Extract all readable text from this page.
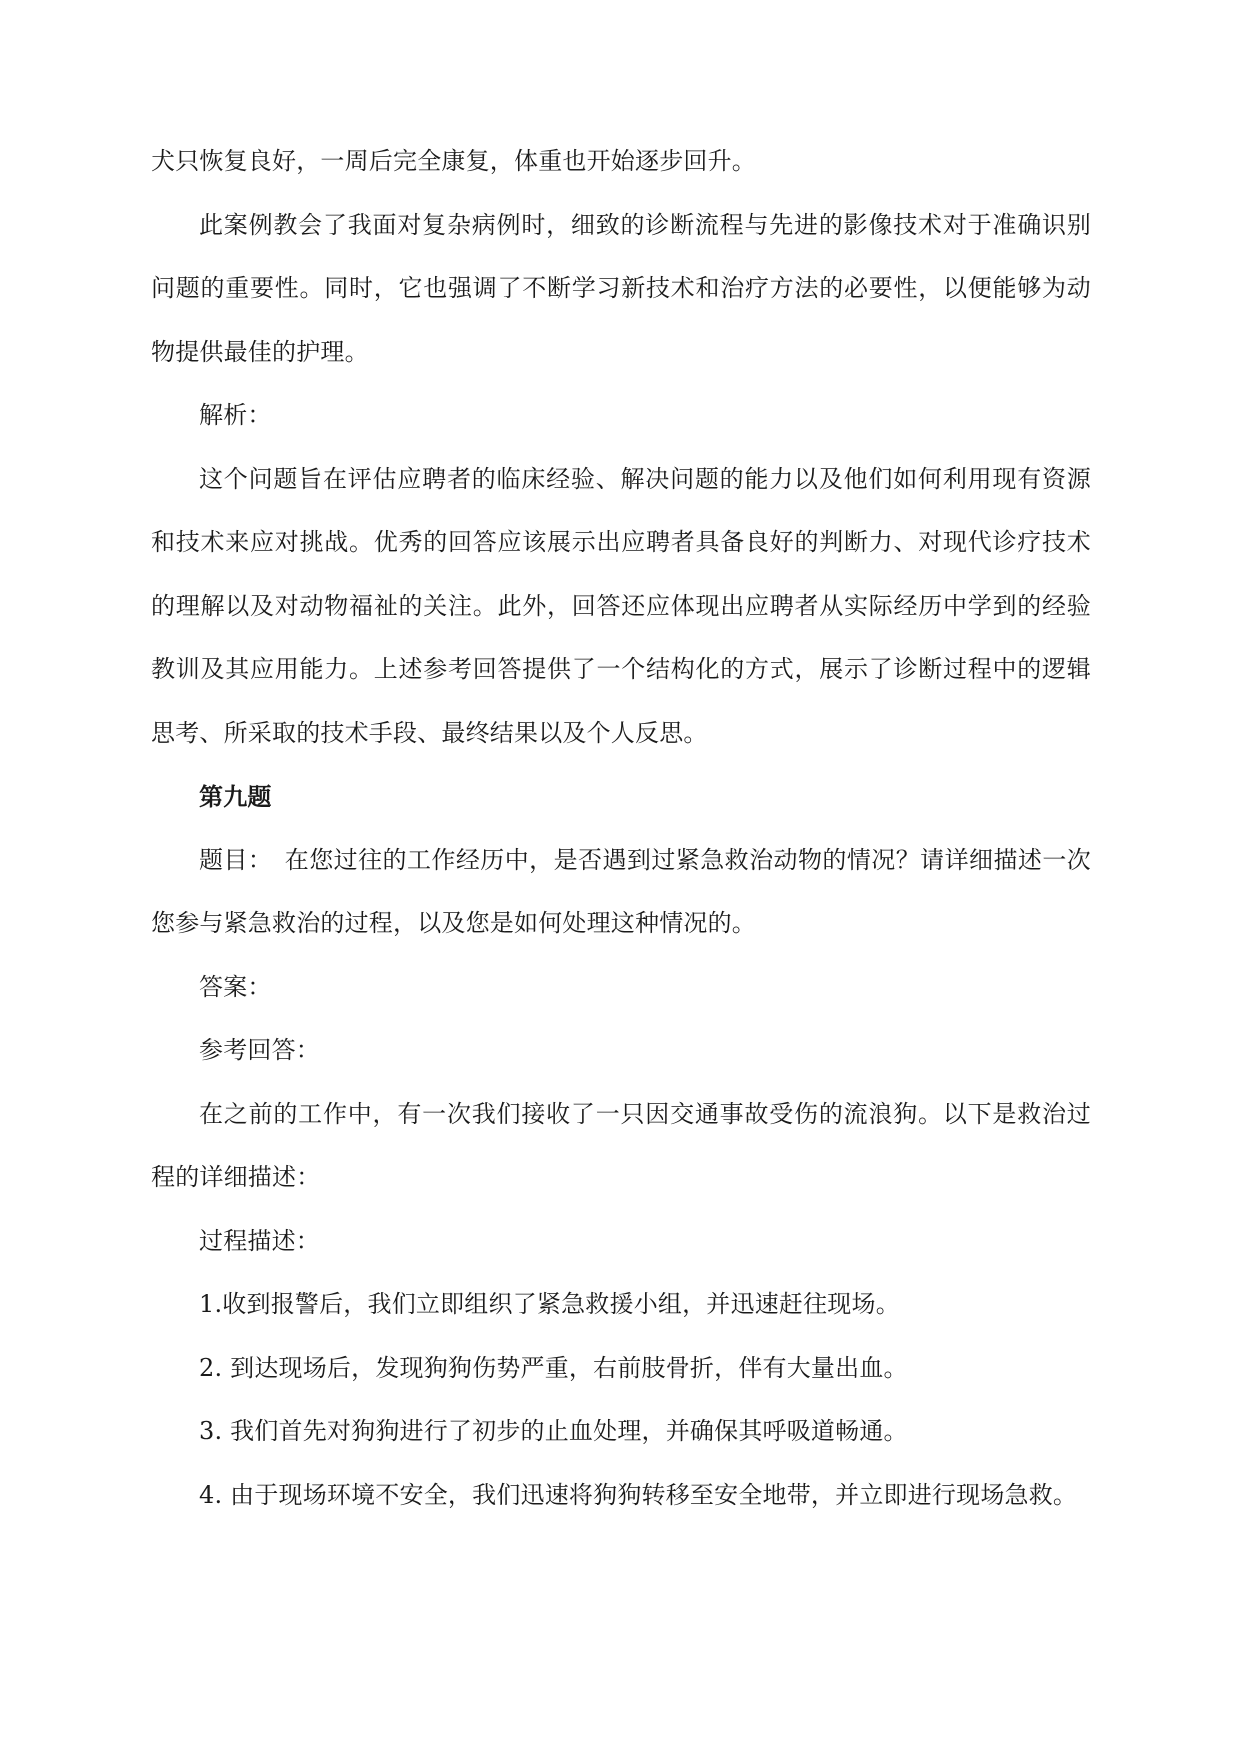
犬只恢复良好，一周后完全康复，体重也开始逐步回升。

此案例教会了我面对复杂病例时，细致的诊断流程与先进的影像技术对于准确识别问题的重要性。同时，它也强调了不断学习新技术和治疗方法的必要性，以便能够为动物提供最佳的护理。

解析：

这个问题旨在评估应聘者的临床经验、解决问题的能力以及他们如何利用现有资源和技术来应对挑战。优秀的回答应该展示出应聘者具备良好的判断力、对现代诊疗技术的理解以及对动物福祉的关注。此外，回答还应体现出应聘者从实际经历中学到的经验教训及其应用能力。上述参考回答提供了一个结构化的方式，展示了诊断过程中的逻辑思考、所采取的技术手段、最终结果以及个人反思。

第九题

题目：　在您过往的工作经历中，是否遇到过紧急救治动物的情况？请详细描述一次您参与紧急救治的过程，以及您是如何处理这种情况的。

答案：

参考回答：

在之前的工作中，有一次我们接收了一只因交通事故受伤的流浪狗。以下是救治过程的详细描述：

过程描述：

1.收到报警后，我们立即组织了紧急救援小组，并迅速赶往现场。

2. 到达现场后，发现狗狗伤势严重，右前肢骨折，伴有大量出血。

3. 我们首先对狗狗进行了初步的止血处理，并确保其呼吸道畅通。

4. 由于现场环境不安全，我们迅速将狗狗转移至安全地带，并立即进行现场急救。
